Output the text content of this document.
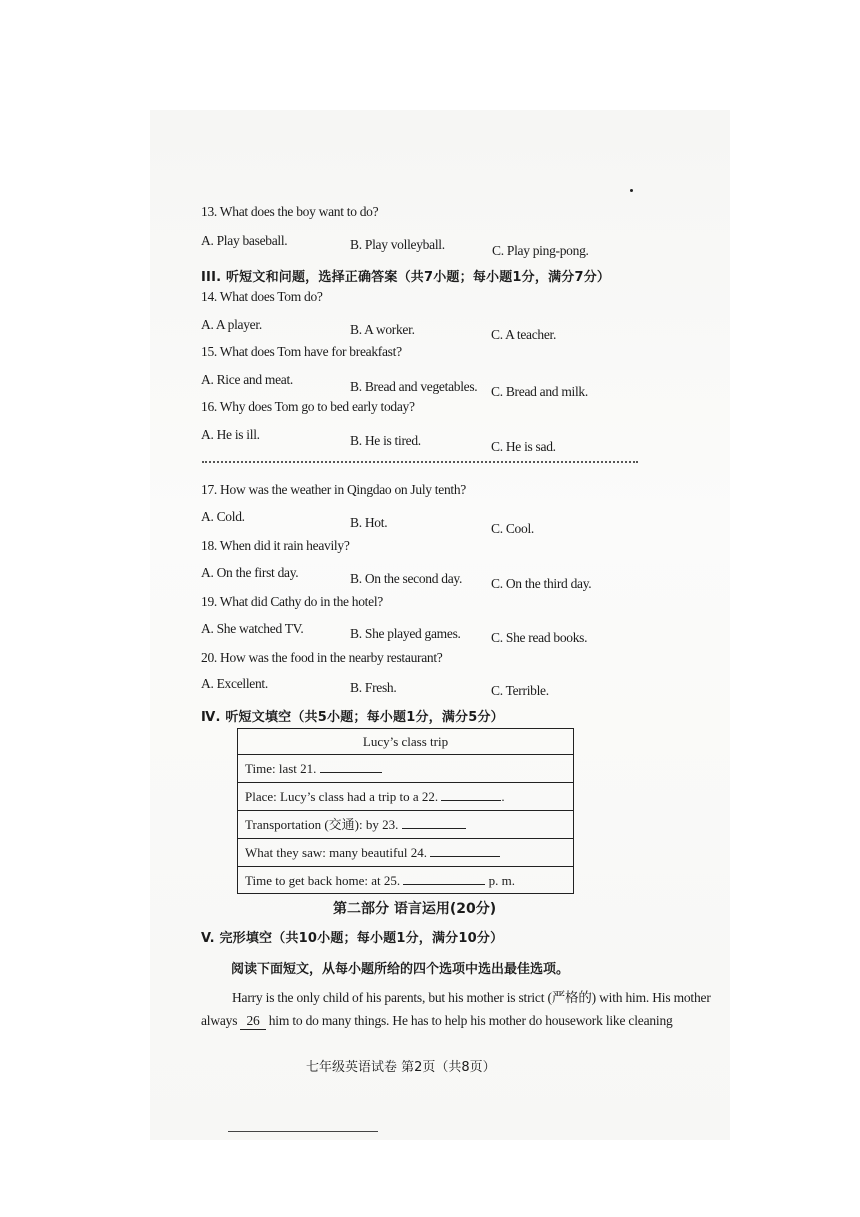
13. What does the boy want to do?
A. Play baseball.	B. Play volleyball.	C. Play ping-pong.
III. 听短文和问题，选择正确答案（共7小题；每小题1分，满分7分）
14. What does Tom do?
A. A player.	B. A worker.	C. A teacher.
15. What does Tom have for breakfast?
A. Rice and meat.	B. Bread and vegetables. C. Bread and milk.
16. Why does Tom go to bed early today?
A. He is ill.	B. He is tired.	C. He is sad.
17. How was the weather in Qingdao on July tenth?
A. Cold.	B. Hot.	C. Cool.
18. When did it rain heavily?
A. On the first day.	B. On the second day. C. On the third day.
19. What did Cathy do in the hotel?
A. She watched TV.	B. She played games. C. She read books.
20. How was the food in the nearby restaurant?
A. Excellent.	B. Fresh.	C. Terrible.
Ⅳ. 听短文填空（共5小题；每小题1分，满分5分）
Lucy’s class trip
Time: last 21.
Place: Lucy’s class had a trip to a 22.	.
Transportation (交通): by 23.
What they saw: many beautiful 24.
Time to get back home: at 25.	p. m.
第二部分 语言运用(20分)
V. 完形填空（共10小题；每小题1分，满分10分）
阅读下面短文，从每小题所给的四个选项中选出最佳选项。
Harry is the only child of his parents, but his mother is strict (严格的) with him. His mother
always 26 him to do many things. He has to help his mother do housework like cleaning
七年级英语试卷 第2页（共8页）
